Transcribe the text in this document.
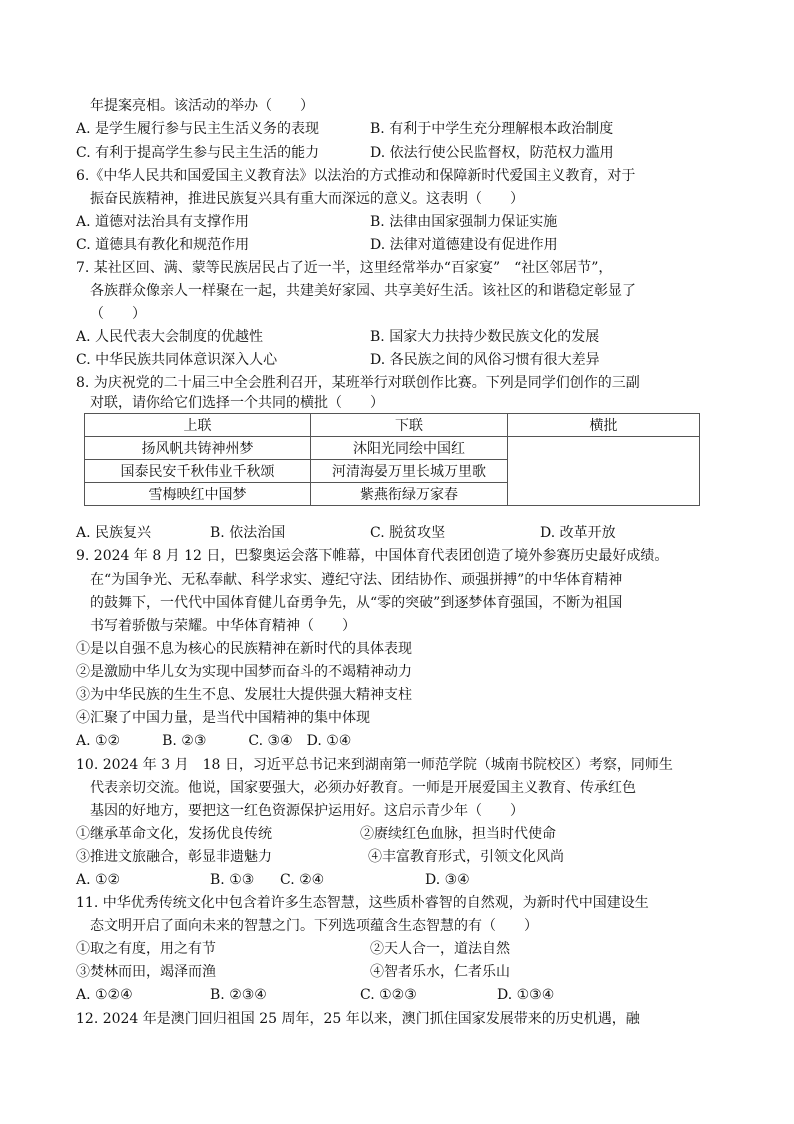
年提案亮相。该活动的举办（　　）
A. 是学生履行参与民主生活义务的表现	B. 有利于中学生充分理解根本政治制度
C. 有利于提高学生参与民主生活的能力	D. 依法行使公民监督权，防范权力滥用
6.《中华人民共和国爱国主义教育法》以法治的方式推动和保障新时代爱国主义教育，对于
振奋民族精神，推进民族复兴具有重大而深远的意义。这表明（　　）
A. 道德对法治具有支撑作用	B. 法律由国家强制力保证实施
C. 道德具有教化和规范作用	D. 法律对道德建设有促进作用
7. 某社区回、满、蒙等民族居民占了近一半，这里经常举办“百家宴”　“社区邻居节”，
各族群众像亲人一样聚在一起，共建美好家园、共享美好生活。该社区的和谐稳定彰显了
（　　）
A. 人民代表大会制度的优越性	B. 国家大力扶持少数民族文化的发展
C. 中华民族共同体意识深入人心	D. 各民族之间的风俗习惯有很大差异
8. 为庆祝党的二十届三中全会胜利召开，某班举行对联创作比赛。下列是同学们创作的三副
对联，请你给它们选择一个共同的横批（　　）
上联	下联	横批
扬风帆共铸神州梦	沐阳光同绘中国红	
国泰民安千秋伟业千秋颂	河清海晏万里长城万里歌	
雪梅映红中国梦	紫燕衔绿万家春	
A. 民族复兴	B. 依法治国	C. 脱贫攻坚	D. 改革开放
9. 2024 年 8 月 12 日，巴黎奥运会落下帷幕，中国体育代表团创造了境外参赛历史最好成绩。
在“为国争光、无私奉献、科学求实、遵纪守法、团结协作、顽强拼搏”的中华体育精神
的鼓舞下，一代代中国体育健儿奋勇争先，从“零的突破”到逐梦体育强国，不断为祖国
书写着骄傲与荣耀。中华体育精神（　　）
①是以自强不息为核心的民族精神在新时代的具体表现
②是激励中华儿女为实现中国梦而奋斗的不竭精神动力
③为中华民族的生生不息、发展壮大提供强大精神支柱
④汇聚了中国力量，是当代中国精神的集中体现
A. ①②　　　B. ②③　　　C. ③④　D. ①④
10. 2024 年 3 月　18 日，习近平总书记来到湖南第一师范学院（城南书院校区）考察，同师生
代表亲切交流。他说，国家要强大，必须办好教育。一师是开展爱国主义教育、传承红色
基因的好地方，要把这一红色资源保护运用好。这启示青少年（　　）
①继承革命文化，发扬优良传统	②赓续红色血脉，担当时代使命
③推进文旅融合，彰显非遗魅力	④丰富教育形式，引领文化风尚
A. ①②	B. ①③ C. ②④	D. ③④
11. 中华优秀传统文化中包含着许多生态智慧，这些质朴睿智的自然观，为新时代中国建设生
态文明开启了面向未来的智慧之门。下列选项蕴含生态智慧的有（　　）
①取之有度，用之有节	②天人合一，道法自然
③焚林而田，竭泽而渔	④智者乐水，仁者乐山
A. ①②④	B. ②③④	C. ①②③	D. ①③④
12. 2024 年是澳门回归祖国 25 周年，25 年以来，澳门抓住国家发展带来的历史机遇，融
